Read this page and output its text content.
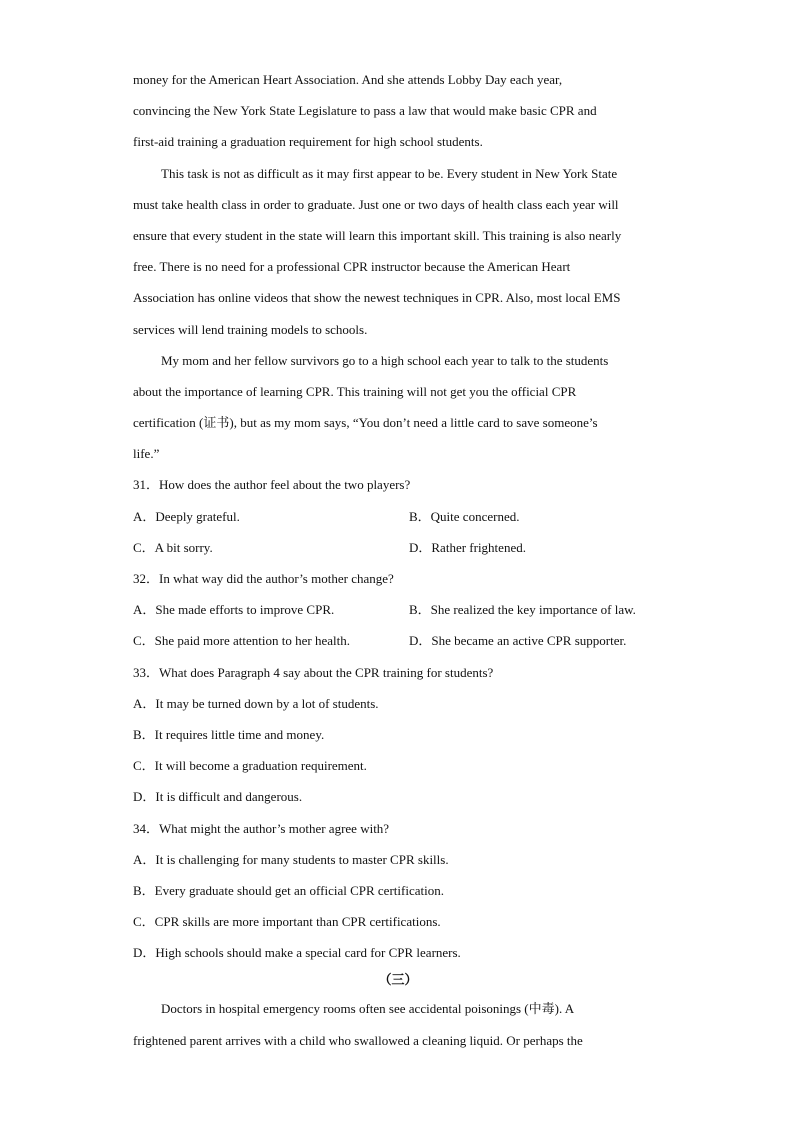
money for the American Heart Association. And she attends Lobby Day each year,
convincing the New York State Legislature to pass a law that would make basic CPR and
first-aid training a graduation requirement for high school students.
This task is not as difficult as it may first appear to be. Every student in New York State
must take health class in order to graduate. Just one or two days of health class each year will
ensure that every student in the state will learn this important skill. This training is also nearly
free. There is no need for a professional CPR instructor because the American Heart
Association has online videos that show the newest techniques in CPR. Also, most local EMS
services will lend training models to schools.
My mom and her fellow survivors go to a high school each year to talk to the students
about the importance of learning CPR. This training will not get you the official CPR
certification (证书), but as my mom says, “You don’t need a little card to save someone’s
life.”
31．How does the author feel about the two players?
A．Deeply grateful.	B．Quite concerned.
C．A bit sorry.	D．Rather frightened.
32．In what way did the author’s mother change?
A．She made efforts to improve CPR.	B．She realized the key importance of law.
C．She paid more attention to her health.	D．She became an active CPR supporter.
33．What does Paragraph 4 say about the CPR training for students?
A．It may be turned down by a lot of students.
B．It requires little time and money.
C．It will become a graduation requirement.
D．It is difficult and dangerous.
34．What might the author’s mother agree with?
A．It is challenging for many students to master CPR skills.
B．Every graduate should get an official CPR certification.
C．CPR skills are more important than CPR certifications.
D．High schools should make a special card for CPR learners.
（三）
Doctors in hospital emergency rooms often see accidental poisonings (中毒). A
frightened parent arrives with a child who swallowed a cleaning liquid. Or perhaps the
